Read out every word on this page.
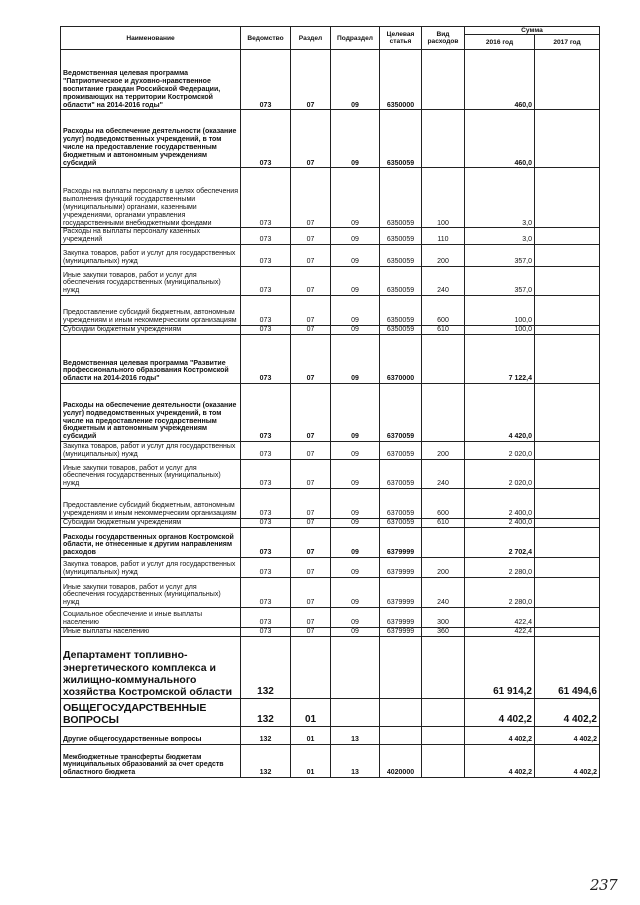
Наименование	Ведомство	Раздел	Подраздел	Целевая статья	Вид расходов	Сумма	
						2016 год	2017 год
Ведомственная целевая программа "Патриотическое и духовно-нравственное воспитание граждан Российской Федерации, проживающих на территории Костромской области" на 2014-2016 годы"	073	07	09	6350000		460,0	
Расходы на обеспечение деятельности (оказание услуг) подведомственных учреждений, в том числе на предоставление государственным бюджетным и автономным учреждениям субсидий	073	07	09	6350059		460,0	
Расходы на выплаты персоналу в целях обеспечения выполнения функций государственными (муниципальными) органами, казенными учреждениями, органами управления государственными внебюджетными фондами	073	07	09	6350059	100	3,0	
Расходы на выплаты персоналу казенных учреждений	073	07	09	6350059	110	3,0	
Закупка товаров, работ и услуг для государственных (муниципальных) нужд	073	07	09	6350059	200	357,0	
Иные закупки товаров, работ и услуг для обеспечения государственных (муниципальных) нужд	073	07	09	6350059	240	357,0	
Предоставление субсидий бюджетным, автономным учреждениям и иным некоммерческим организациям	073	07	09	6350059	600	100,0	
Субсидии бюджетным учреждениям	073	07	09	6350059	610	100,0	
Ведомственная целевая программа "Развитие профессионального образования Костромской области на 2014-2016 годы"	073	07	09	6370000		7 122,4	
Расходы на обеспечение деятельности (оказание услуг) подведомственных учреждений, в том числе на предоставление государственным бюджетным и автономным учреждениям субсидий	073	07	09	6370059		4 420,0	
Закупка товаров, работ и услуг для государственных (муниципальных) нужд	073	07	09	6370059	200	2 020,0	
Иные закупки товаров, работ и услуг для обеспечения государственных (муниципальных) нужд	073	07	09	6370059	240	2 020,0	
Предоставление субсидий бюджетным, автономным учреждениям и иным некоммерческим организациям	073	07	09	6370059	600	2 400,0	
Субсидии бюджетным учреждениям	073	07	09	6370059	610	2 400,0	
Расходы государственных органов Костромской области, не отнесенные к другим направлениям расходов	073	07	09	6379999		2 702,4	
Закупка товаров, работ и услуг для государственных (муниципальных) нужд	073	07	09	6379999	200	2 280,0	
Иные закупки товаров, работ и услуг для обеспечения государственных (муниципальных) нужд	073	07	09	6379999	240	2 280,0	
Социальное обеспечение и иные выплаты населению	073	07	09	6379999	300	422,4	
Иные выплаты населению	073	07	09	6379999	360	422,4	
Департамент топливно-энергетического комплекса и жилищно-коммунального хозяйства Костромской области	132					61 914,2	61 494,6
ОБЩЕГОСУДАРСТВЕННЫЕ ВОПРОСЫ	132	01				4 402,2	4 402,2
Другие общегосударственные вопросы	132	01	13			4 402,2	4 402,2
Межбюджетные трансферты бюджетам муниципальных образований за счет средств областного бюджета	132	01	13	4020000		4 402,2	4 402,2
237
